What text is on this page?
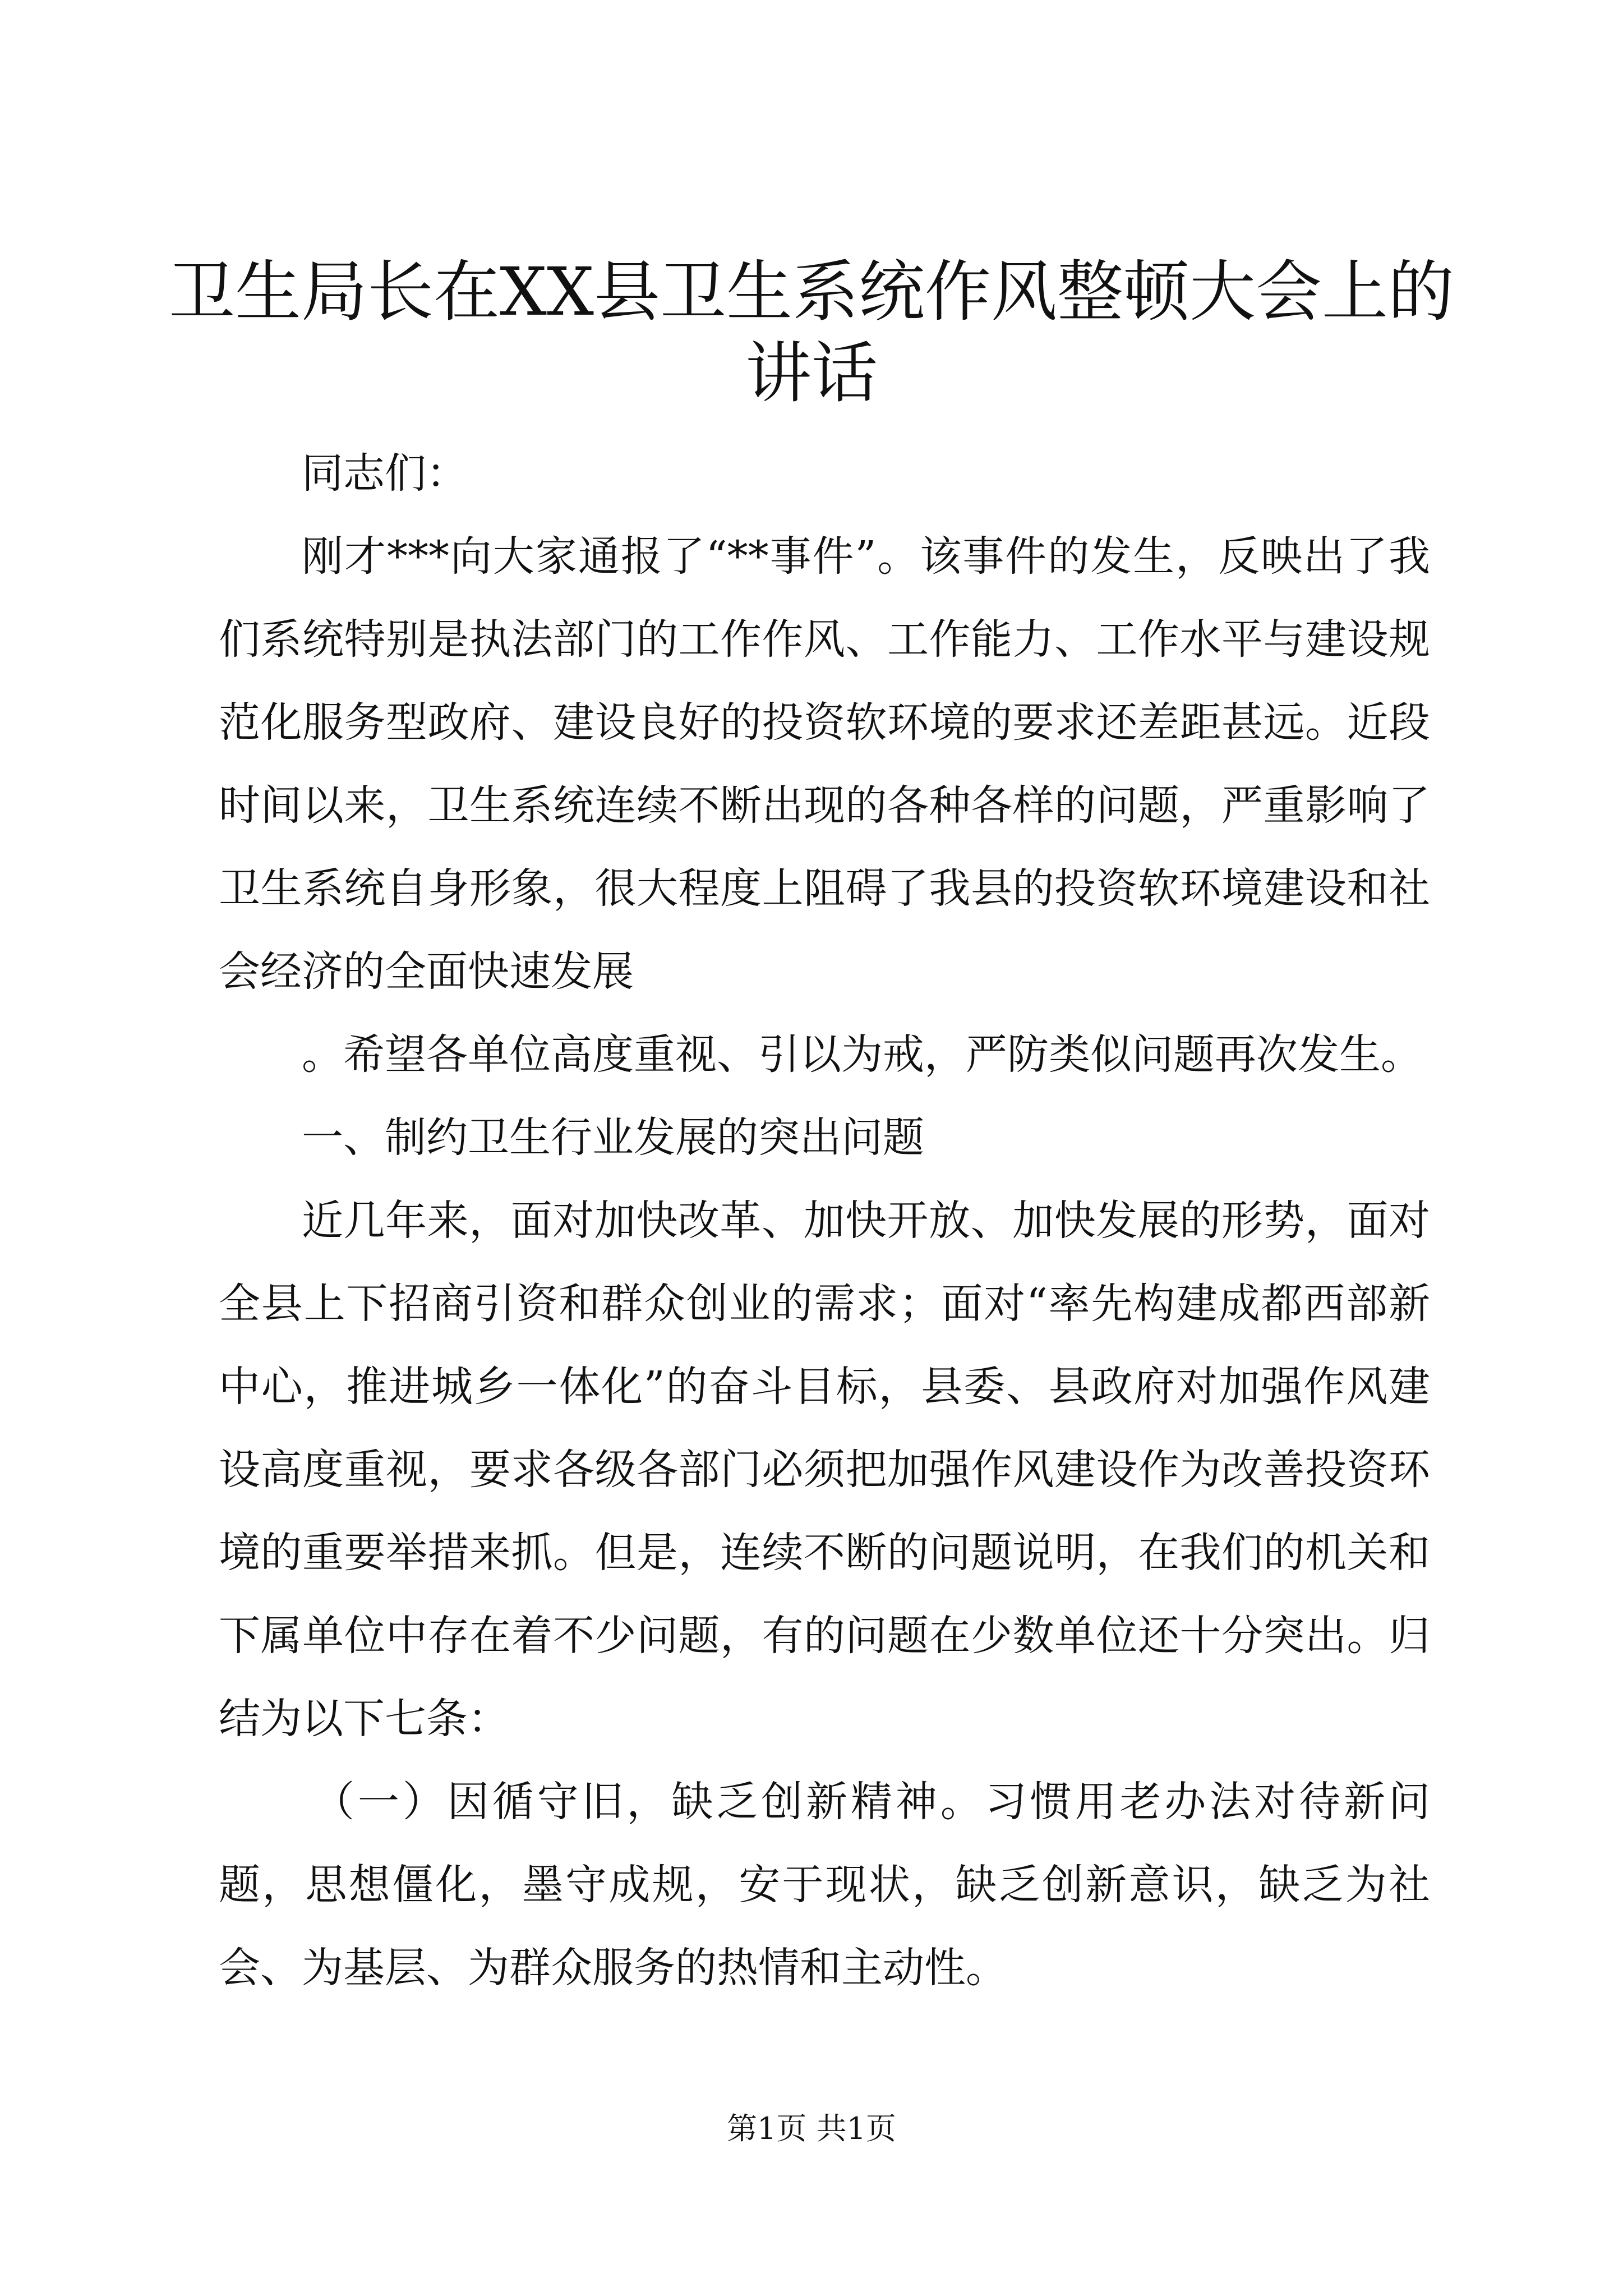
卫生局长在XX县卫生系统作风整顿大会上的
讲话

同志们：

刚才***向大家通报了“**事件”。该事件的发生，反映出了我们系统特别是执法部门的工作作风、工作能力、工作水平与建设规范化服务型政府、建设良好的投资软环境的要求还差距甚远。近段时间以来，卫生系统连续不断出现的各种各样的问题，严重影响了卫生系统自身形象，很大程度上阻碍了我县的投资软环境建设和社会经济的全面快速发展

。希望各单位高度重视、引以为戒，严防类似问题再次发生。

一、制约卫生行业发展的突出问题

近几年来，面对加快改革、加快开放、加快发展的形势，面对全县上下招商引资和群众创业的需求；面对“率先构建成都西部新中心，推进城乡一体化”的奋斗目标，县委、县政府对加强作风建设高度重视，要求各级各部门必须把加强作风建设作为改善投资环境的重要举措来抓。但是，连续不断的问题说明，在我们的机关和下属单位中存在着不少问题，有的问题在少数单位还十分突出。归结为以下七条：

（一）因循守旧，缺乏创新精神。习惯用老办法对待新问题，思想僵化，墨守成规，安于现状，缺乏创新意识，缺乏为社会、为基层、为群众服务的热情和主动性。

第1页 共1页
